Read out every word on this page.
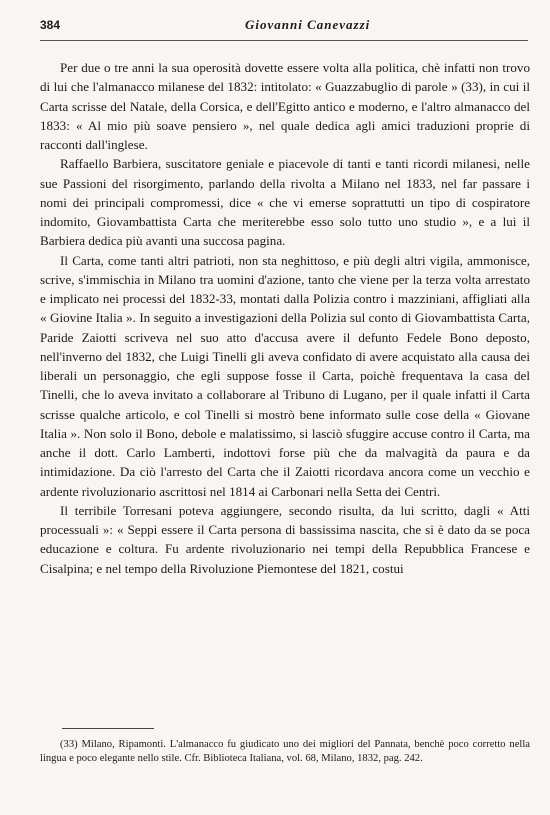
384	Giovanni Canevazzi

Per due o tre anni la sua operosità dovette essere volta alla politica, chè infatti non trovo di lui che l'almanacco milanese del 1832: intitolato: « Guazzabuglio di parole » (33), in cui il Carta scrisse del Natale, della Corsica, e dell'Egitto antico e moderno, e l'altro almanacco del 1833: « Al mio più soave pensiero », nel quale dedica agli amici traduzioni proprie di racconti dall'inglese.

Raffaello Barbiera, suscitatore geniale e piacevole di tanti e tanti ricordi milanesi, nelle sue Passioni del risorgimento, parlando della rivolta a Milano nel 1833, nel far passare i nomi dei principali compromessi, dice « che vi emerse soprattutti un tipo di cospiratore indomito, Giovambattista Carta che meriterebbe esso solo tutto uno studio », e a lui il Barbiera dedica più avanti una succosa pagina.

Il Carta, come tanti altri patrioti, non sta neghittoso, e più degli altri vigila, ammonisce, scrive, s'immischia in Milano tra uomini d'azione, tanto che viene per la terza volta arrestato e implicato nei processi del 1832-33, montati dalla Polizia contro i mazziniani, affigliati alla « Giovine Italia ». In seguito a investigazioni della Polizia sul conto di Giovambattista Carta, Paride Zaiotti scriveva nel suo atto d'accusa avere il defunto Fedele Bono deposto, nell'inverno del 1832, che Luigi Tinelli gli aveva confidato di avere acquistato alla causa dei liberali un personaggio, che egli suppose fosse il Carta, poichè frequentava la casa del Tinelli, che lo aveva invitato a collaborare al Tribuno di Lugano, per il quale infatti il Carta scrisse qualche articolo, e col Tinelli si mostrò bene informato sulle cose della « Giovane Italia ». Non solo il Bono, debole e malatissimo, si lasciò sfuggire accuse contro il Carta, ma anche il dott. Carlo Lamberti, indottovi forse più che da malvagità da paura e da intimidazione. Da ciò l'arresto del Carta che il Zaiotti ricordava ancora come un vecchio e ardente rivoluzionario ascrittosi nel 1814 ai Carbonari nella Setta dei Centri.

Il terribile Torresani poteva aggiungere, secondo risulta, da lui scritto, dagli « Atti processuali »: « Seppi essere il Carta persona di bassissima nascita, che si è dato da se poca educazione e coltura. Fu ardente rivoluzionario nei tempi della Repubblica Francese e Cisalpina; e nel tempo della Rivoluzione Piemontese del 1821, costui

(33) Milano, Ripamonti. L'almanacco fu giudicato uno dei migliori del Pannata, benchè poco corretto nella lingua e poco elegante nello stile. Cfr. Biblioteca Italiana, vol. 68, Milano, 1832, pag. 242.
